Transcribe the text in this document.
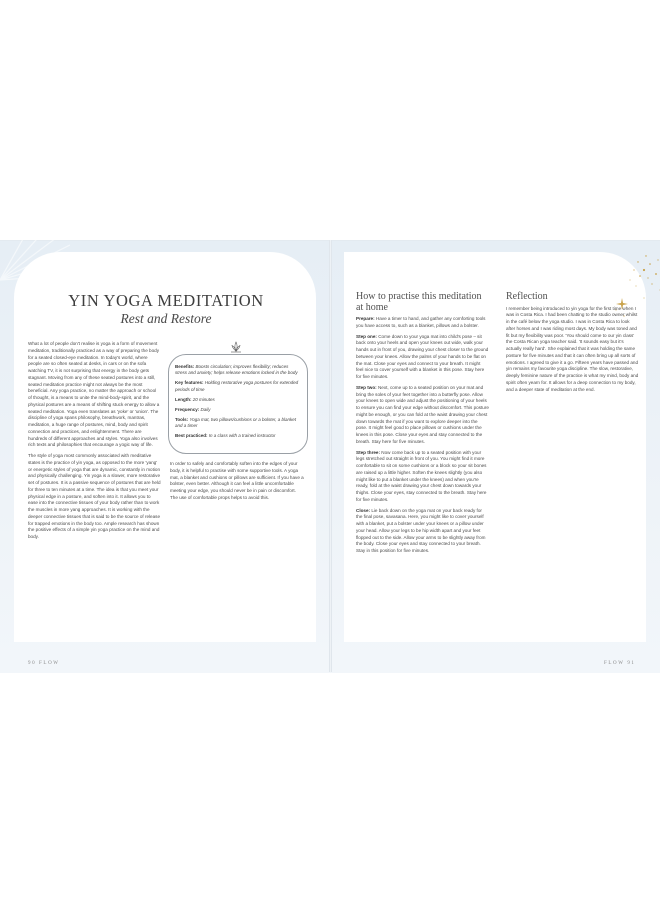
YIN YOGA MEDITATION
Rest and Restore

What a lot of people don't realise is yoga is a form of movement meditation, traditionally practiced as a way of preparing the body for a seated closed-eye meditation. In today's world, where people are so often seated at desks, in cars or on the sofa watching TV, it is not surprising that energy in the body gets stagnant. Moving from any of these seated postures into a still, seated meditation practice might not always be the most beneficial. Any yoga practice, no matter the approach or school of thought, is a means to unite the mind-body-spirit, and the physical postures are a means of shifting stuck energy to allow a seated meditation. Yoga even translates as 'yoke' or 'union'. The discipline of yoga spans philosophy, breathwork, mantras, meditation, a huge range of postures, mind, body and spirit connection and practices, and enlightenment. There are hundreds of different approaches and styles. Yoga also involves rich texts and philosophies that encourage a yogic way of life.

The style of yoga most commonly associated with meditative states is the practice of yin yoga, as opposed to the more 'yang' or energetic styles of yoga that are dynamic, constantly in motion and physically challenging. Yin yoga is a slower, more restorative set of postures. It is a passive sequence of postures that are held for three to ten minutes at a time. The idea is that you meet your physical edge in a posture, and soften into it. It allows you to ease into the connective tissues of your body rather than to work the muscles in more yang approaches. It is working with the deeper connective tissues that is said to be the source of release for trapped emotions in the body too. Ample research has shown the positive effects of a simple yin yoga practice on the mind and body.

Benefits: Boosts circulation; improves flexibility; reduces stress and anxiety; helps release emotions locked in the body
Key features: Holding restorative yoga postures for extended periods of time
Length: 20 minutes
Frequency: Daily
Tools: Yoga mat, two pillows/cushions or a bolster, a blanket and a timer
Best practiced: In a class with a trained instructor

In order to safely and comfortably soften into the edges of your body, it is helpful to practise with some supportive tools. A yoga mat, a blanket and cushions or pillows are sufficient. If you have a bolster, even better. Although it can feel a little uncomfortable meeting your edge, you should never be in pain or discomfort. The use of comfortable props helps to avoid this.

90 FLOW
How to practise this meditation at home

Prepare: Have a timer to hand, and gather any comforting tools you have access to, such as a blanket, pillows and a bolster.

Step one: Come down to your yoga mat into child's pose – sit back onto your heels and open your knees out wide, walk your hands out in front of you, drawing your chest closer to the ground between your knees. Allow the palms of your hands to be flat on the mat. Close your eyes and connect to your breath. It might feel nice to cover yourself with a blanket in this pose. Stay here for five minutes.

Step two: Next, come up to a seated position on your mat and bring the soles of your feet together into a butterfly pose. Allow your knees to open wide and adjust the positioning of your heels to ensure you can find your edge without discomfort. This posture might be enough, or you can fold at the waist drawing your chest down towards the mat if you want to explore deeper into the pose. It might feel good to place pillows or cushions under the knees in this pose. Close your eyes and stay connected to the breath. Stay here for five minutes.

Step three: Now come back up to a seated position with your legs stretched out straight in front of you. You might find it more comfortable to sit on some cushions or a block so your sit bones are raised up a little higher. Soften the knees slightly (you also might like to put a blanket under the knees) and when you're ready, fold at the waist drawing your chest down towards your thighs. Close your eyes, stay connected to the breath. Stay here for five minutes.

Close: Lie back down on the yoga mat on your back ready for the final pose, savasana. Here, you might like to cover yourself with a blanket, put a bolster under your knees or a pillow under your head. Allow your legs to be hip width apart and your feet flopped out to the side. Allow your arms to be slightly away from the body. Close your eyes and stay connected to your breath. Stay in this position for five minutes.

Reflection

I remember being introduced to yin yoga for the first time when I was in Costa Rica. I had been chatting to the studio owner whilst in the café below the yoga studio. I was in Costa Rica to look after horses and I was riding most days. My body was toned and fit but my flexibility was poor. 'You should come to our yin class' the Costa Rican yoga teacher said. 'It sounds easy but it's actually really hard'. She explained that it was holding the same posture for five minutes and that it can often bring up all sorts of emotions. I agreed to give it a go. Fifteen years have passed and yin remains my favourite yoga discipline. The slow, restorative, deeply feminine nature of the practice is what my mind, body and spirit often yearn for. It allows for a deep connection to my body, and a deeper state of meditation at the end.

FLOW 91
